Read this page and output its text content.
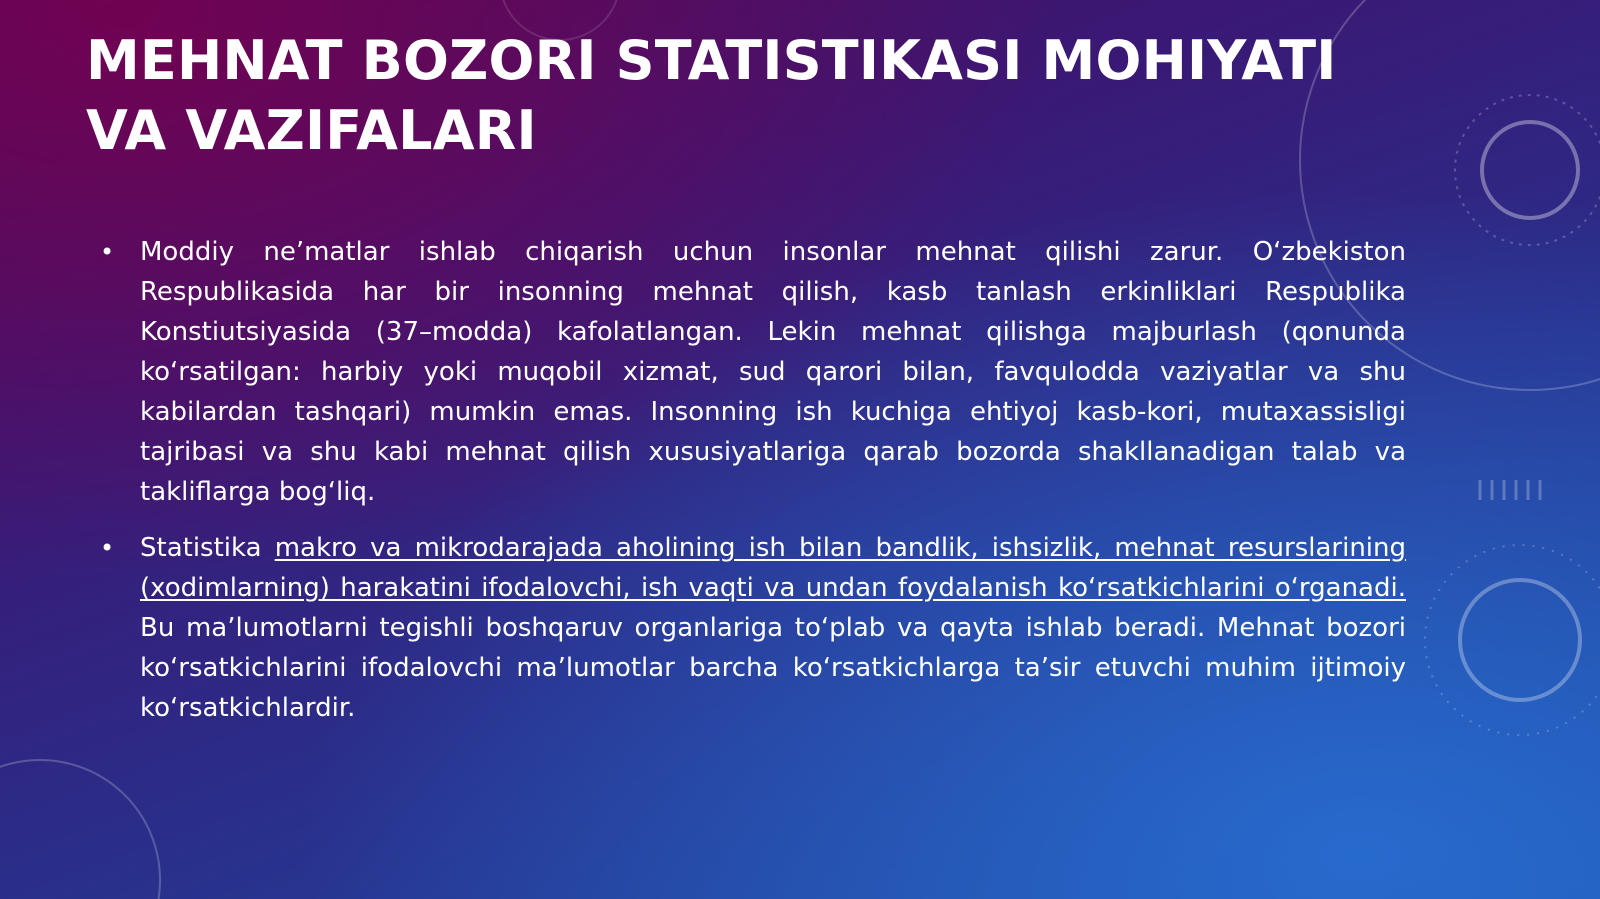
MEHNAT BOZORI STATISTIKASI MOHIYATI VA VAZIFALARI
• Moddiy ne’matlar ishlab chiqarish uchun insonlar mehnat qilishi zarur. O‘zbekiston Respublikasida har bir insonning mehnat qilish, kasb tanlash erkinliklari Respublika Konstiutsiyasida (37–modda) kafolatlangan. Lekin mehnat qilishga majburlash (qonunda ko‘rsatilgan: harbiy yoki muqobil xizmat, sud qarori bilan, favqulodda vaziyatlar va shu kabilardan tashqari) mumkin emas. Insonning ish kuchiga ehtiyoj kasb-kori, mutaxassisligi tajribasi va shu kabi mehnat qilish xususiyatlariga qarab bozorda shakllanadigan talab va takliflarga bog‘liq.
• Statistika makro va mikrodarajada aholining ish bilan bandlik, ishsizlik, mehnat resurslarining (xodimlarning) harakatini ifodalovchi, ish vaqti va undan foydalanish ko‘rsatkichlarini o‘rganadi. Bu ma’lumotlarni tegishli boshqaruv organlariga to‘plab va qayta ishlab beradi. Mehnat bozori ko‘rsatkichlarini ifodalovchi ma’lumotlar barcha ko‘rsatkichlarga ta’sir etuvchi muhim ijtimoiy ko‘rsatkichlardir.
